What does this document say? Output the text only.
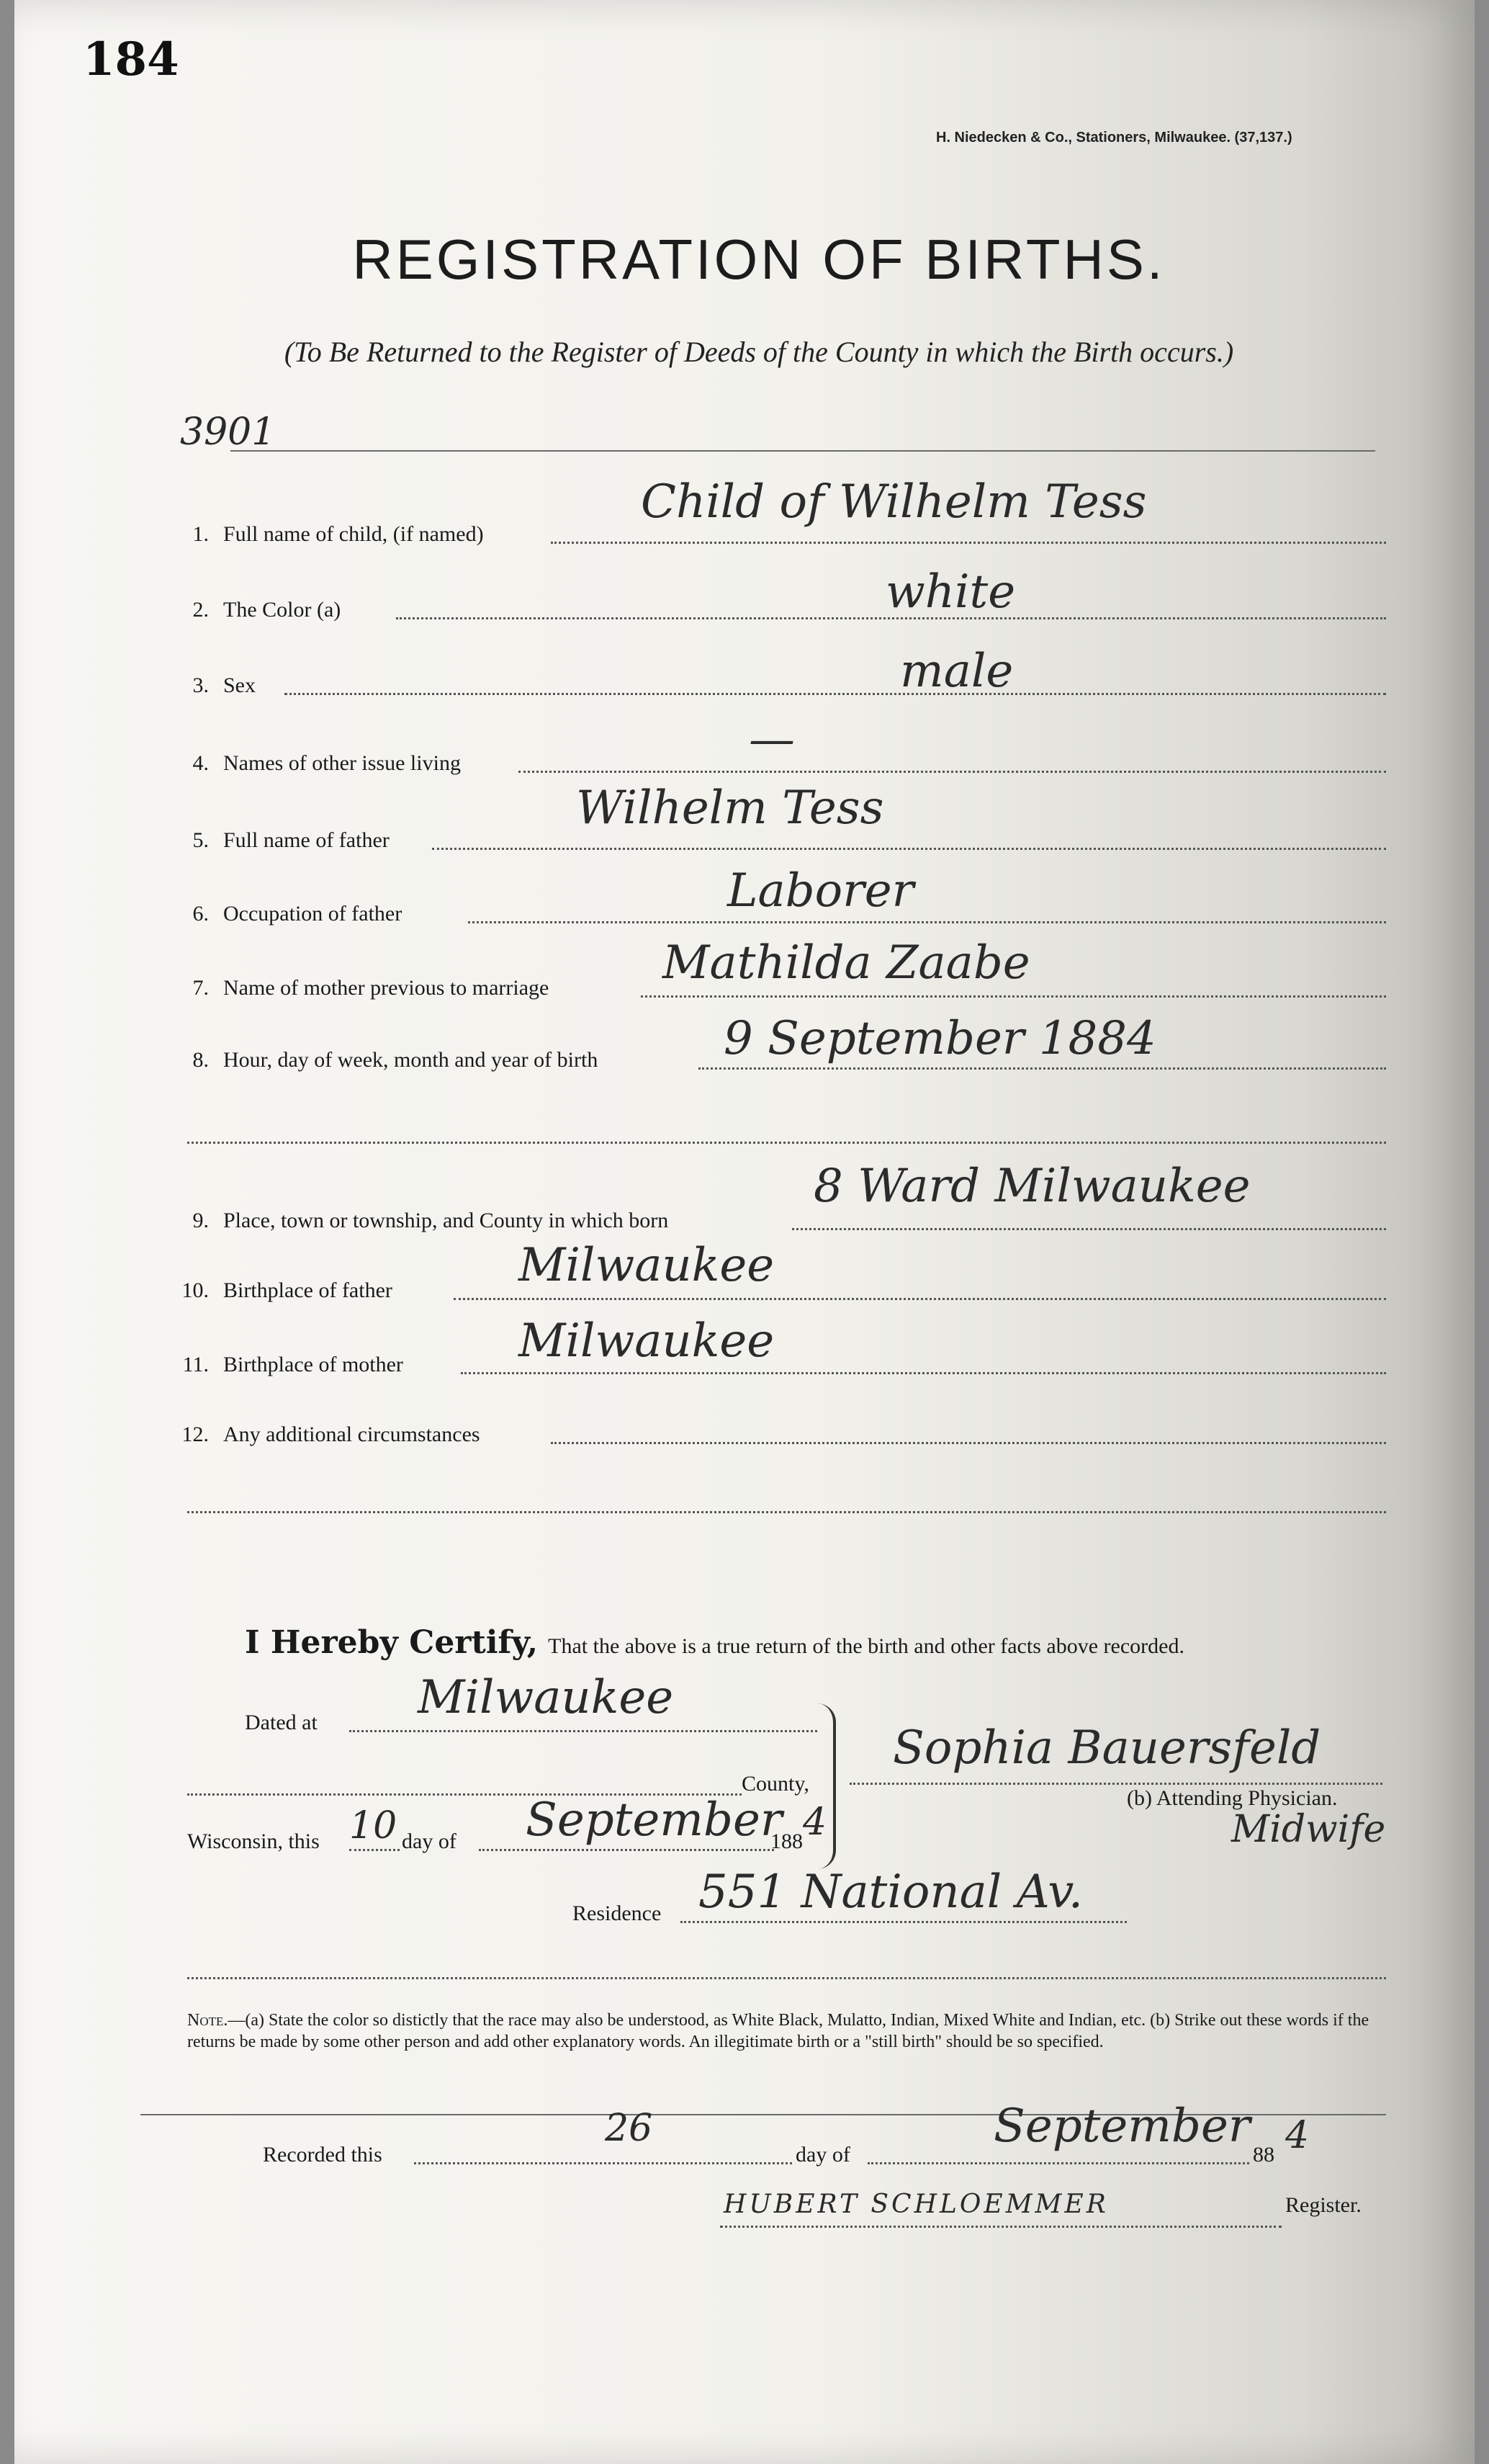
184
H. Niedecken & Co., Stationers, Milwaukee. (37,137.)
REGISTRATION OF BIRTHS.
(To Be Returned to the Register of Deeds of the County in which the Birth occurs.)
3901
1. Full name of child, (if named)
Child of Wilhelm Tess
2. The Color (a)	white
3. Sex	male
4. Names of other issue living	—
5. Full name of father
Wilhelm Tess
6. Occupation of father	Laborer
7. Name of mother previous to marriage Mathilda Zaabe
8. Hour, day of week, month and year of birth	9 September 1884
9. Place, town or township, and County in which born
8 Ward Milwaukee
10. Birthplace of father	Milwaukee
11. Birthplace of mother	Milwaukee
12. Any additional circumstances
I Hereby Certify, That the above is a true return of the birth and other facts above recorded.
Dated at Milwaukee
County,
Sophia Bauersfeld
(b) Attending Physician.
Midwife
Wisconsin, this 10 day of September
188 4
Residence 551 National Av.
Note.—(a) State the color so distictly that the race may also be understood, as White Black, Mulatto, Indian, Mixed White and Indian, etc. (b) Strike out these words if the returns be made by some other person and add other explanatory words. An illegitimate birth or a "still birth" should be so specified.
Recorded this
26
day of
September
88 4
HUBERT SCHLOEMMER	Register.
